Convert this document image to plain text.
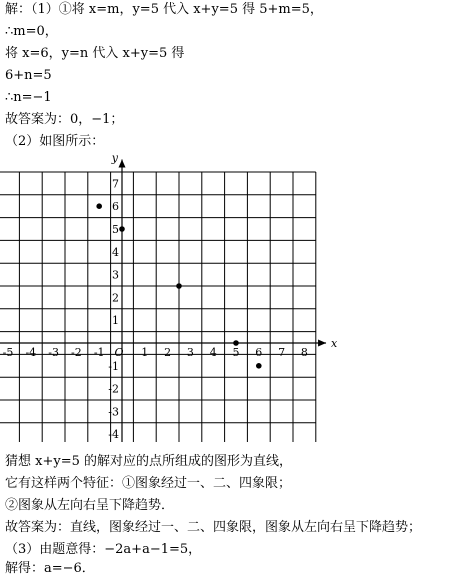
解：（1）①将 x=m，y=5 代入 x+y=5 得 5+m=5，
∴m=0，
将 x=6，y=n 代入 x+y=5 得
6+n=5
∴n=−1
故答案为：0，−1；
（2）如图所示：
x
y
-5 -4 -3 -2 -1 O 1 2 3 4 5 6 7 8
7
6
5
4
3
2
1
-1
-2
-3
-4
猜想 x+y=5 的解对应的点所组成的图形为直线，
它有这样两个特征：①图象经过一、二、四象限；
②图象从左向右呈下降趋势．
故答案为：直线，图象经过一、二、四象限，图象从左向右呈下降趋势；
（3）由题意得：−2a+a−1=5，
解得：a=−6．
